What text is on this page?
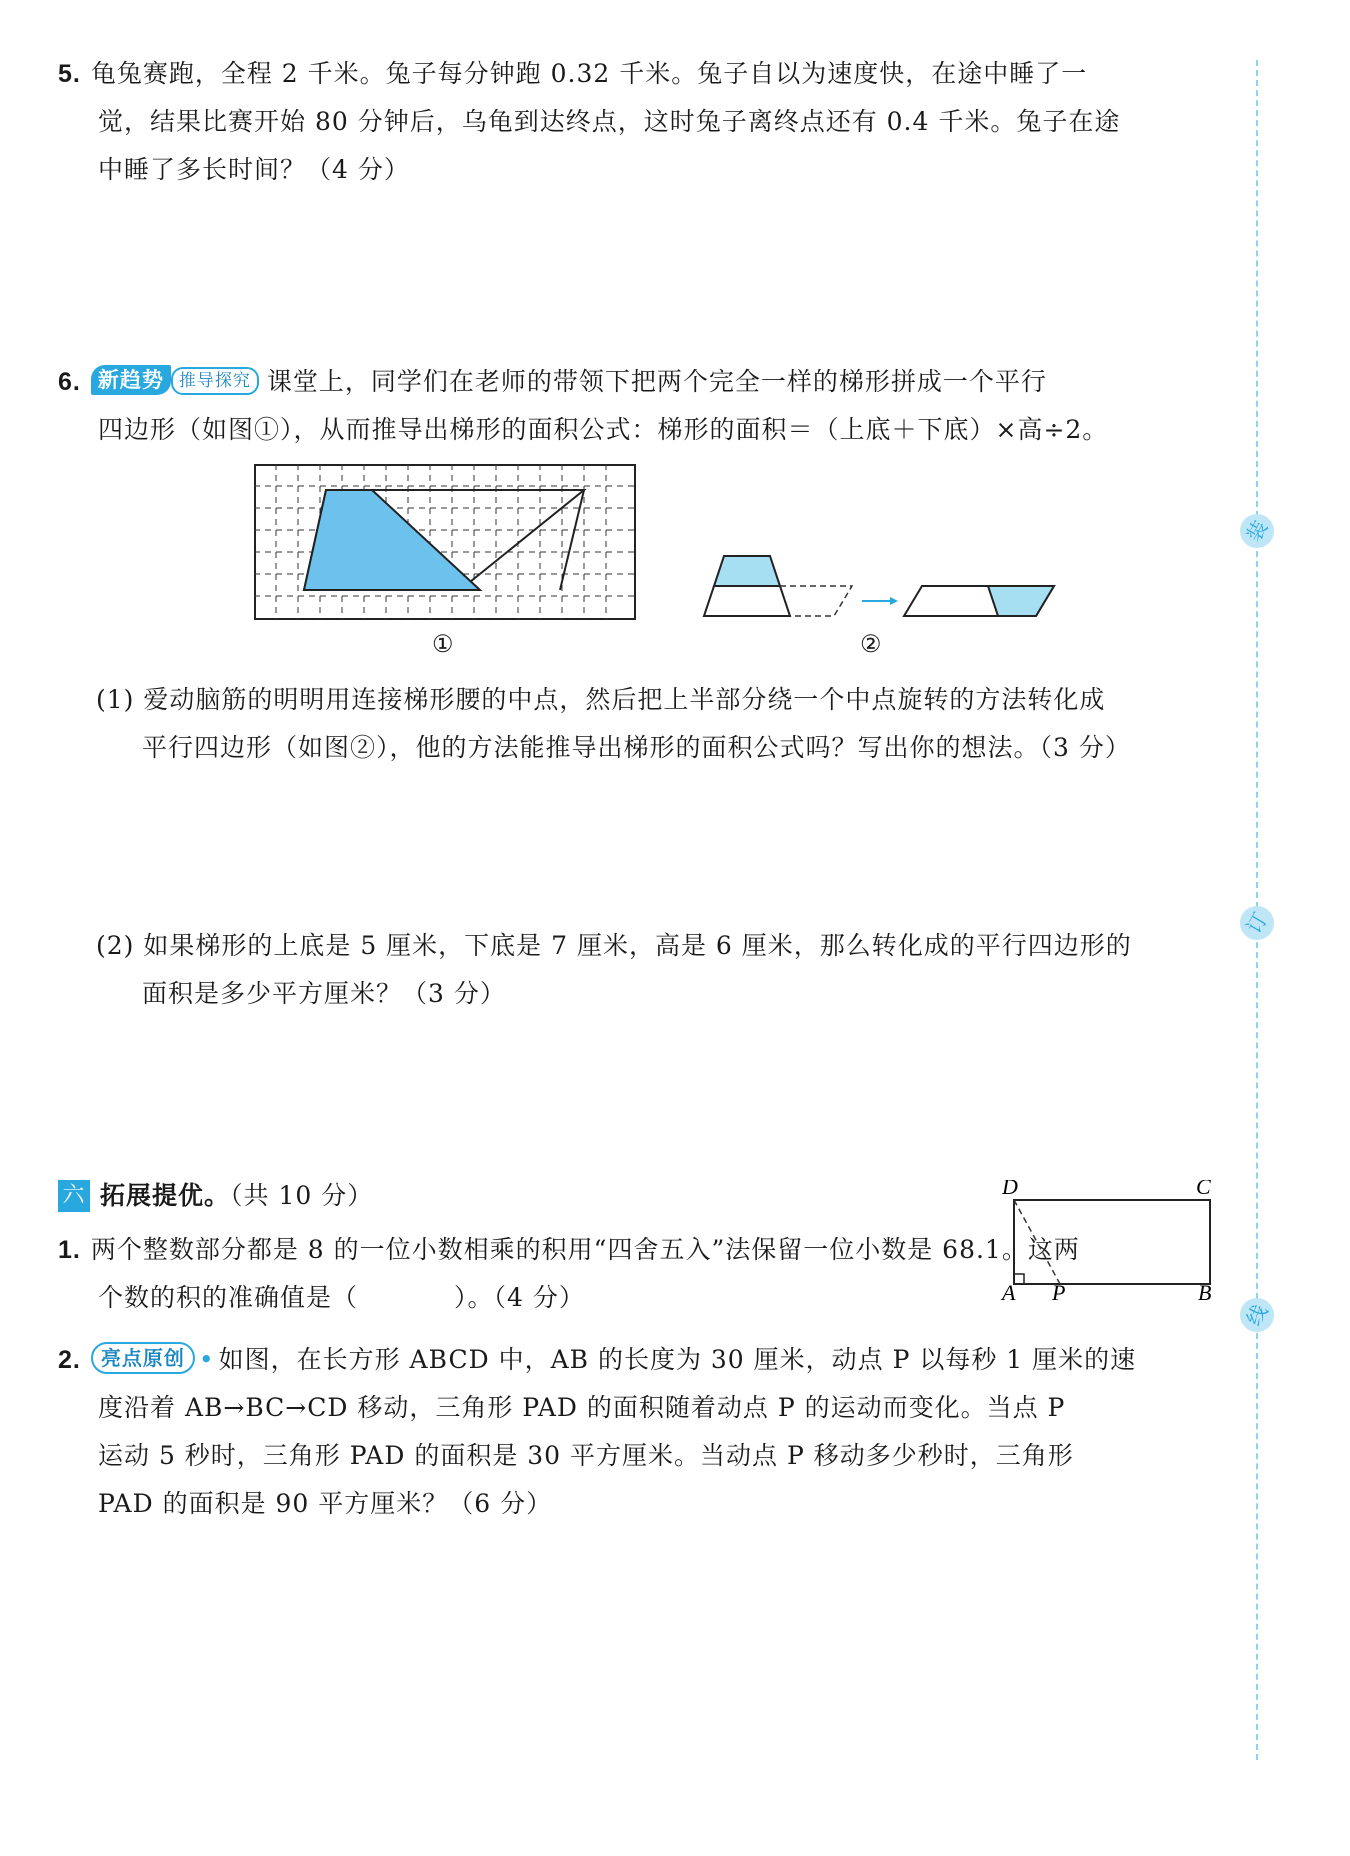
装
订
线
5. 龟兔赛跑，全程 2 千米。兔子每分钟跑 0.32 千米。兔子自以为速度快，在途中睡了一
觉，结果比赛开始 80 分钟后，乌龟到达终点，这时兔子离终点还有 0.4 千米。兔子在途
中睡了多长时间？（4 分）
6. 新趋势 推导探究 课堂上，同学们在老师的带领下把两个完全一样的梯形拼成一个平行
四边形（如图①），从而推导出梯形的面积公式：梯形的面积＝（上底＋下底）×高÷2。
①	②
(1) 爱动脑筋的明明用连接梯形腰的中点，然后把上半部分绕一个中点旋转的方法转化成
平行四边形（如图②），他的方法能推导出梯形的面积公式吗？写出你的想法。（3 分）
(2) 如果梯形的上底是 5 厘米，下底是 7 厘米，高是 6 厘米，那么转化成的平行四边形的
面积是多少平方厘米？（3 分）
六 拓展提优。（共 10 分）
1. 两个整数部分都是 8 的一位小数相乘的积用“四舍五入”法保留一位小数是 68.1。这两
个数的积的准确值是（	）。（4 分）
2. 亮点原创 • 如图，在长方形 ABCD 中，AB 的长度为 30 厘米，动点 P 以每秒 1 厘米的速
度沿着 AB→BC→CD 移动，三角形 PAD 的面积随着动点 P 的运动而变化。当点 P
运动 5 秒时，三角形 PAD 的面积是 30 平方厘米。当动点 P 移动多少秒时，三角形
PAD 的面积是 90 平方厘米？（6 分）
D	C
A P	B
